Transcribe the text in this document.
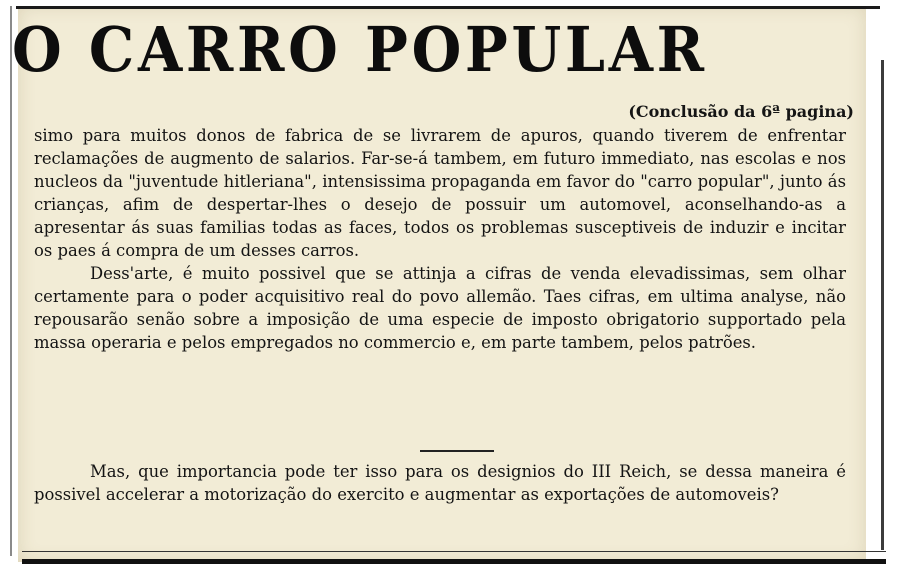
O CARRO POPULAR
(Conclusão da 6ª pagina)

simo para muitos donos de fabrica de se livrarem de apuros, quando tiverem de enfrentar reclamações de augmento de salarios. Far-se-á tambem, em futuro immediato, nas escolas e nos nucleos da "juventude hitleriana", intensissima propaganda em favor do "carro popular", junto ás crianças, afim de despertar-lhes o desejo de possuir um automovel, aconselhando-as a apresentar ás suas familias todas as faces, todos os problemas susceptiveis de induzir e incitar os paes á compra de um desses carros.

Dess'arte, é muito possivel que se attinja a cifras de venda elevadissimas, sem olhar certamente para o poder acquisitivo real do povo allemão. Taes cifras, em ultima analyse, não repousarão senão sobre a imposição de uma especie de imposto obrigatorio supportado pela massa operaria e pelos empregados no commercio e, em parte tambem, pelos patrões.

Mas, que importancia pode ter isso para os designios do III Reich, se dessa maneira é possivel accelerar a motorização do exercito e augmentar as exportações de automoveis?
